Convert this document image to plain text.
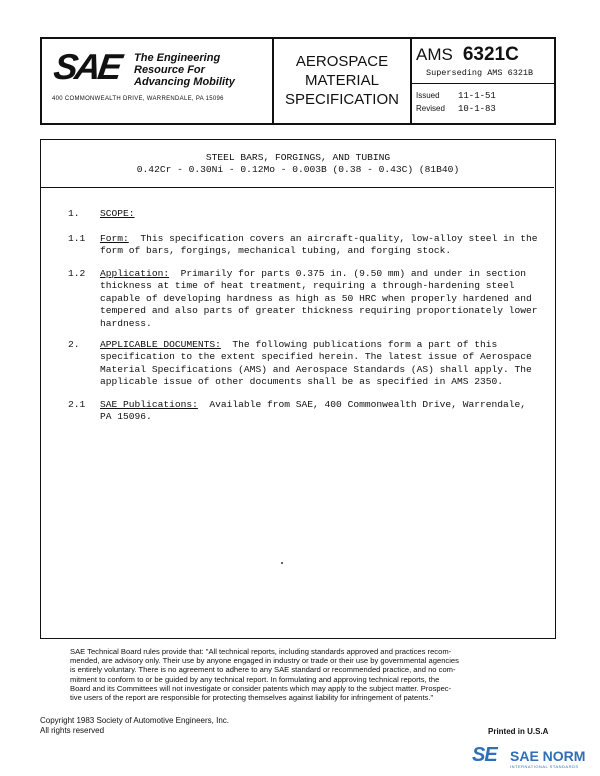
SAE The Engineering
Resource For
Advancing Mobility
400 COMMONWEALTH DRIVE, WARRENDALE, PA 15096
AEROSPACE
MATERIAL
SPECIFICATION
AMS 6321C
Superseding AMS 6321B
Issued 11-1-51
Revised 10-1-83
STEEL BARS, FORGINGS, AND TUBING
0.42Cr - 0.30Ni - 0.12Mo - 0.003B (0.38 - 0.43C) (81B40)
1. SCOPE:
1.1 Form: This specification covers an aircraft-quality, low-alloy steel in the
form of bars, forgings, mechanical tubing, and forging stock.
1.2 Application: Primarily for parts 0.375 in. (9.50 mm) and under in section
thickness at time of heat treatment, requiring a through-hardening steel
capable of developing hardness as high as 50 HRC when properly hardened and
tempered and also parts of greater thickness requiring proportionately lower
hardness.
2. APPLICABLE DOCUMENTS: The following publications form a part of this
specification to the extent specified herein. The latest issue of Aerospace
Material Specifications (AMS) and Aerospace Standards (AS) shall apply. The
applicable issue of other documents shall be as specified in AMS 2350.
2.1 SAE Publications: Available from SAE, 400 Commonwealth Drive, Warrendale,
PA 15096.
SAE Technical Board rules provide that: "All technical reports, including standards approved and practices recom-
mended, are advisory only. Their use by anyone engaged in industry or trade or their use by governmental agencies
is entirely voluntary. There is no agreement to adhere to any SAE standard or recommended practice, and no com-
mitment to conform to or be guided by any technical report. In formulating and approving technical reports, the
Board and its Committees will not investigate or consider patents which may apply to the subject matter. Prospec-
tive users of the report are responsible for protecting themselves against liability for infringement of patents."
Copyright 1983 Society of Automotive Engineers, Inc.
All rights reserved	Printed in U.S.A
SE SAE NORM
INTERNATIONAL STANDARDS
